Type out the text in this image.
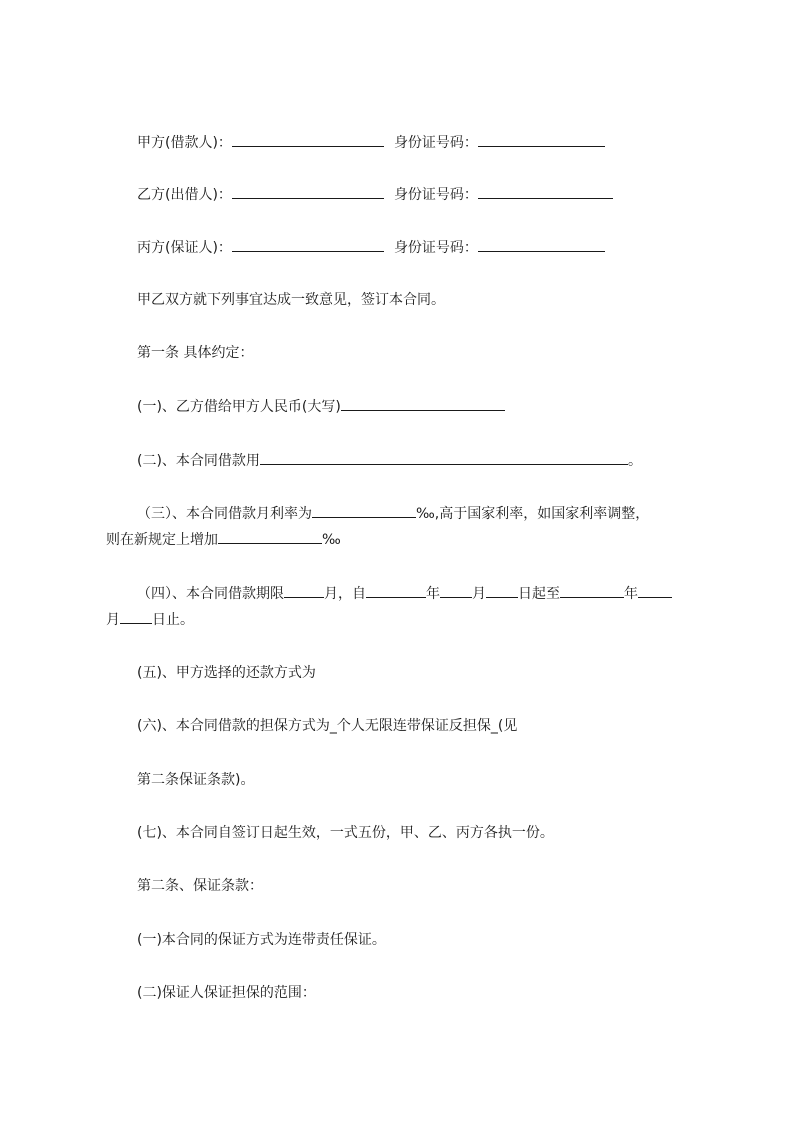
甲方(借款人)：	身份证号码：
乙方(出借人)：	身份证号码：
丙方(保证人)：	身份证号码：
甲乙双方就下列事宜达成一致意见，签订本合同。
第一条 具体约定：
(一)、乙方借给甲方人民币(大写)
(二)、本合同借款用	。
（三）、本合同借款月利率为	‰,高于国家利率，如国家利率调整，
则在新规定上增加	‰
（四）、本合同借款期限	月，自	年 月 日起至	年
月 日止。
(五)、甲方选择的还款方式为
(六)、本合同借款的担保方式为_个人无限连带保证反担保_(见
第二条保证条款)。
(七)、本合同自签订日起生效，一式五份，甲、乙、丙方各执一份。
第二条、保证条款：
(一)本合同的保证方式为连带责任保证。
(二)保证人保证担保的范围：
